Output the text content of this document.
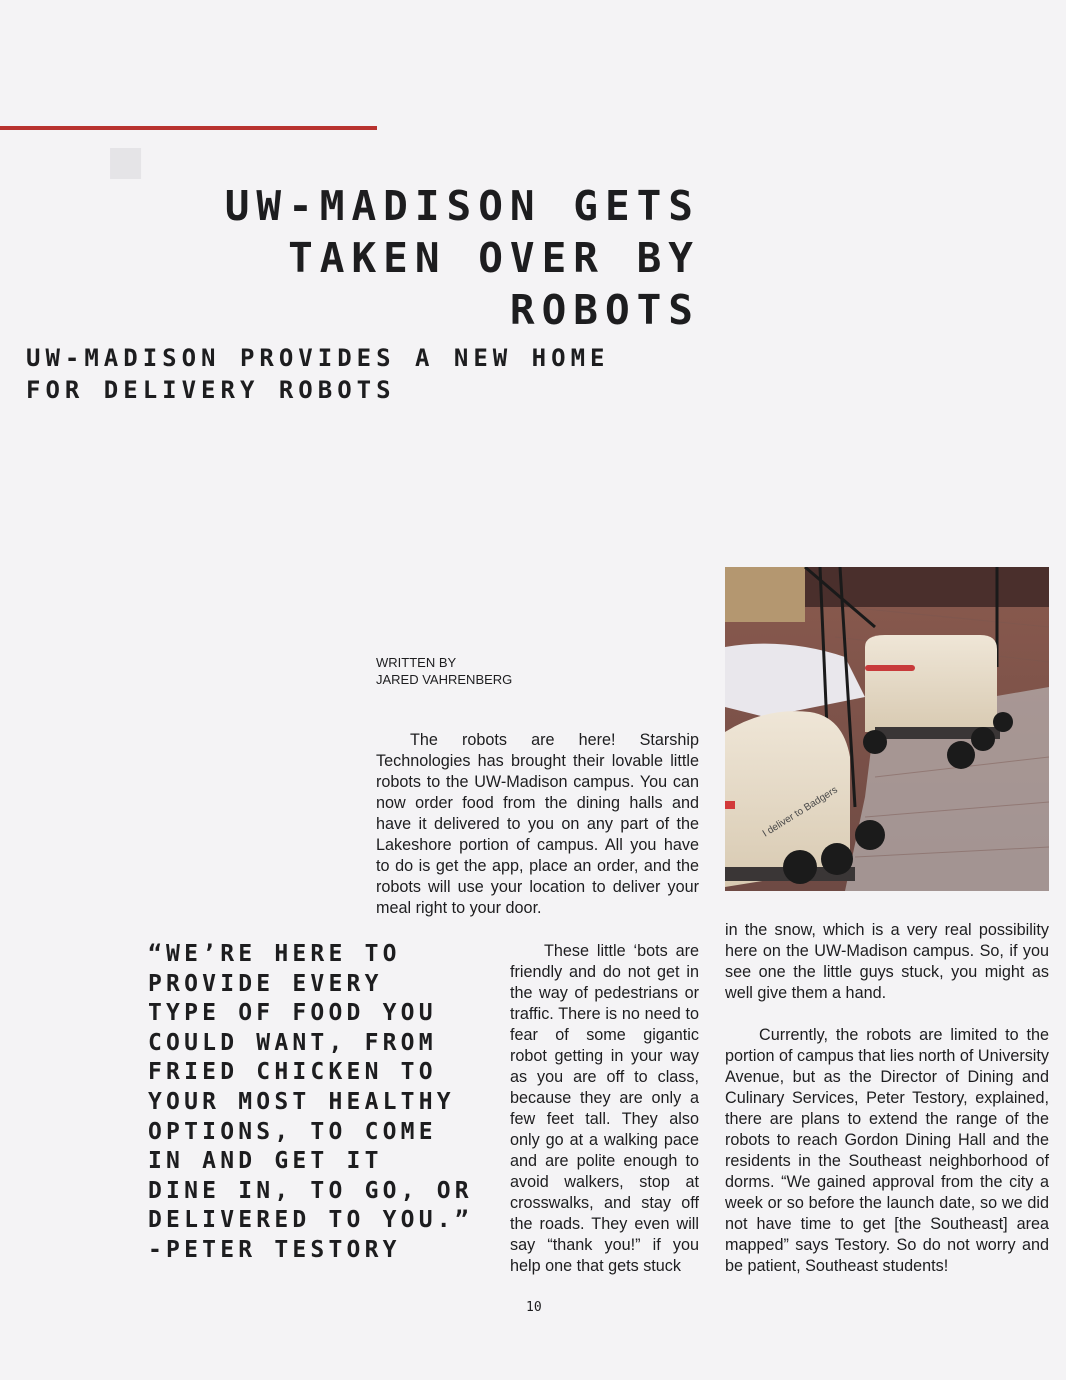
■
UW-MADISON GETS
TAKEN OVER BY
ROBOTS
UW-MADISON PROVIDES A NEW HOME
FOR DELIVERY ROBOTS
WRITTEN BY
JARED VAHRENBERG

The robots are here! Starship Technologies has brought their lovable little robots to the UW-Madison campus. You can now order food from the dining halls and have it delivered to you on any part of the Lakeshore portion of campus. All you have to do is get the app, place an order, and the robots will use your location to deliver your meal right to your door.

These little ‘bots are friendly and do not get in the way of pedestrians or traffic. There is no need to fear of some gigantic robot getting in your way as you are off to class, because they are only a few feet tall. They also only go at a walking pace and are polite enough to avoid walkers, stop at crosswalks, and stay off the roads. They even will say “thank you!” if you help one that gets stuck

in the snow, which is a very real possibility here on the UW-Madison campus. So, if you see one the little guys stuck, you might as well give them a hand.

Currently, the robots are limited to the portion of campus that lies north of University Avenue, but as the Director of Dining and Culinary Services, Peter Testory, explained, there are plans to extend the range of the robots to reach Gordon Dining Hall and the residents in the Southeast neighborhood of dorms. “We gained approval from the city a week or so before the launch date, so we did not have time to get [the Southeast] area mapped” says Testory. So do not worry and be patient, Southeast students!

“WE’RE HERE TO
PROVIDE EVERY
TYPE OF FOOD YOU
COULD WANT, FROM
FRIED CHICKEN TO
YOUR MOST HEALTHY
OPTIONS, TO COME
IN AND GET IT
DINE IN, TO GO, OR
DELIVERED TO YOU.”
-PETER TESTORY
I deliver to Badgers
10
